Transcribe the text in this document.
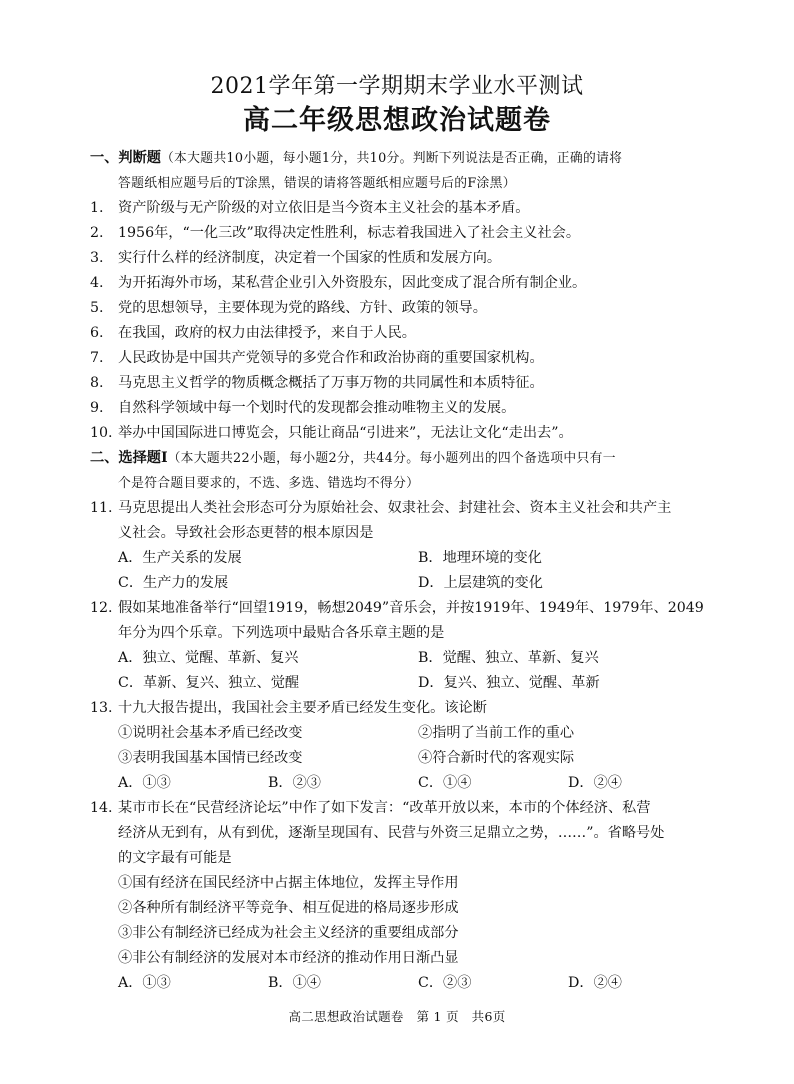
2021学年第一学期期末学业水平测试
高二年级思想政治试题卷
一、判断题（本大题共10小题，每小题1分，共10分。判断下列说法是否正确，正确的请将
答题纸相应题号后的T涂黑，错误的请将答题纸相应题号后的F涂黑）
1.	资产阶级与无产阶级的对立依旧是当今资本主义社会的基本矛盾。
2.	1956年，“一化三改”取得决定性胜利，标志着我国进入了社会主义社会。
3.	实行什么样的经济制度，决定着一个国家的性质和发展方向。
4.	为开拓海外市场，某私营企业引入外资股东，因此变成了混合所有制企业。
5.	党的思想领导，主要体现为党的路线、方针、政策的领导。
6.	在我国，政府的权力由法律授予，来自于人民。
7.	人民政协是中国共产党领导的多党合作和政治协商的重要国家机构。
8.	马克思主义哲学的物质概念概括了万事万物的共同属性和本质特征。
9.	自然科学领域中每一个划时代的发现都会推动唯物主义的发展。
10. 举办中国国际进口博览会，只能让商品“引进来”，无法让文化“走出去”。
二、选择题Ⅰ（本大题共22小题，每小题2分，共44分。每小题列出的四个备选项中只有一
个是符合题目要求的，不选、多选、错选均不得分）
11. 马克思提出人类社会形态可分为原始社会、奴隶社会、封建社会、资本主义社会和共产主
义社会。导致社会形态更替的根本原因是
A．生产关系的发展	B．地理环境的变化
C．生产力的发展	D．上层建筑的变化
12. 假如某地准备举行“回望1919，畅想2049”音乐会，并按1919年、1949年、1979年、2049
年分为四个乐章。下列选项中最贴合各乐章主题的是
A．独立、觉醒、革新、复兴	B．觉醒、独立、革新、复兴
C．革新、复兴、独立、觉醒	D．复兴、独立、觉醒、革新
13. 十九大报告提出，我国社会主要矛盾已经发生变化。该论断
①说明社会基本矛盾已经改变	②指明了当前工作的重心
③表明我国基本国情已经改变	④符合新时代的客观实际
A．①③	B．②③	C．①④	D．②④
14. 某市市长在“民营经济论坛”中作了如下发言：“改革开放以来，本市的个体经济、私营
经济从无到有，从有到优，逐渐呈现国有、民营与外资三足鼎立之势，……”。省略号处
的文字最有可能是
①国有经济在国民经济中占据主体地位，发挥主导作用
②各种所有制经济平等竞争、相互促进的格局逐步形成
③非公有制经济已经成为社会主义经济的重要组成部分
④非公有制经济的发展对本市经济的推动作用日渐凸显
A．①③	B．①④	C．②③	D．②④
高二思想政治试题卷　第 1 页　共6页
